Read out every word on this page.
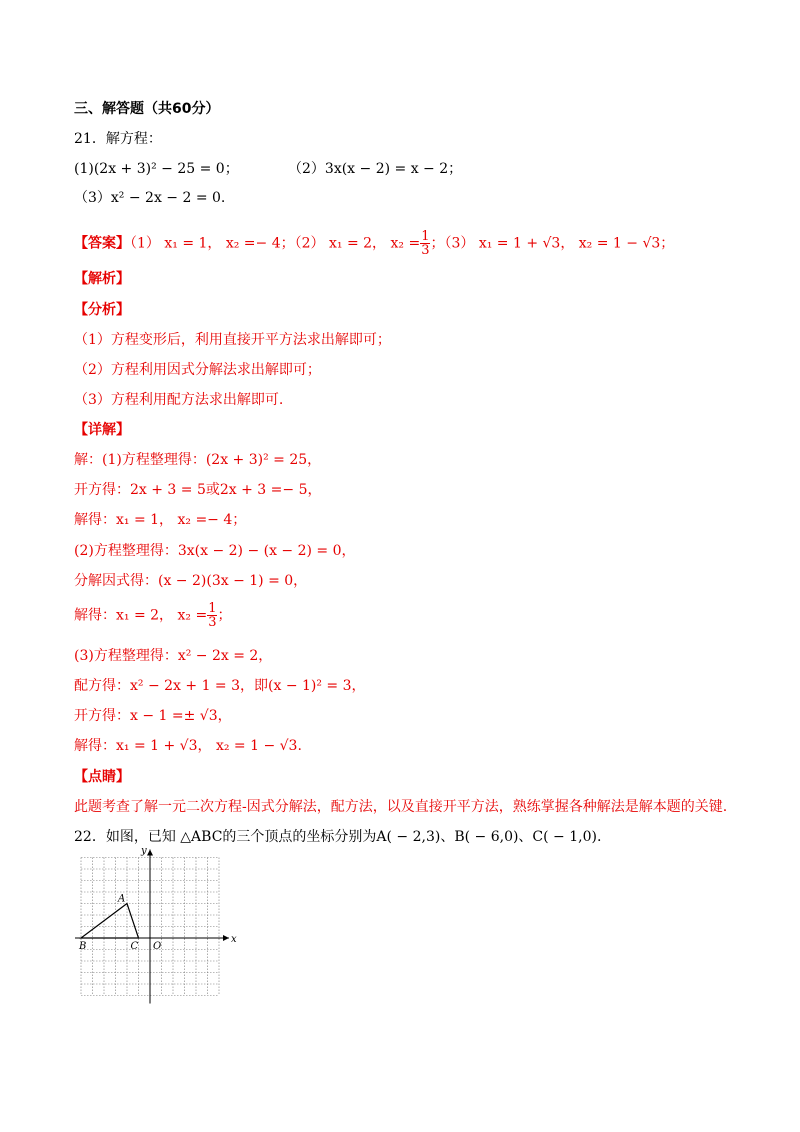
三、解答题（共60分）
21．解方程：
(1)(2x + 3)² − 25 = 0；	（2）3x(x − 2) = x − 2；
（3）x² − 2x − 2 = 0.
【答案】（1） x₁ = 1， x₂ =− 4；（2） x₁ = 2， $x_2 = \frac{1}{3}$ ；（3） x₁ = 1 + √3， x₂ = 1 − √3；
【解析】
【分析】
（1）方程变形后，利用直接开平方法求出解即可；
（2）方程利用因式分解法求出解即可；
（3）方程利用配方法求出解即可.
【详解】
解：(1)方程整理得：(2x + 3)² = 25，
开方得：2x + 3 = 5或2x + 3 =− 5，
解得：x₁ = 1， x₂ =− 4；
(2)方程整理得：3x(x − 2) − (x − 2) = 0，
分解因式得：(x − 2)(3x − 1) = 0，
解得：x₁ = 2， $x_2 = \frac{1}{3}$ ；
(3)方程整理得：x² − 2x = 2，
配方得：x² − 2x + 1 = 3，即(x − 1)² = 3，
开方得：x − 1 =± √3，
解得：x₁ = 1 + √3， x₂ = 1 − √3.
【点睛】
此题考查了解一元二次方程-因式分解法，配方法，以及直接开平方法，熟练掌握各种解法是解本题的关键.
22．如图，已知 △ABC的三个顶点的坐标分别为A( − 2,3)、B( − 6,0)、C( − 1,0).
A
B	C O
x
y
